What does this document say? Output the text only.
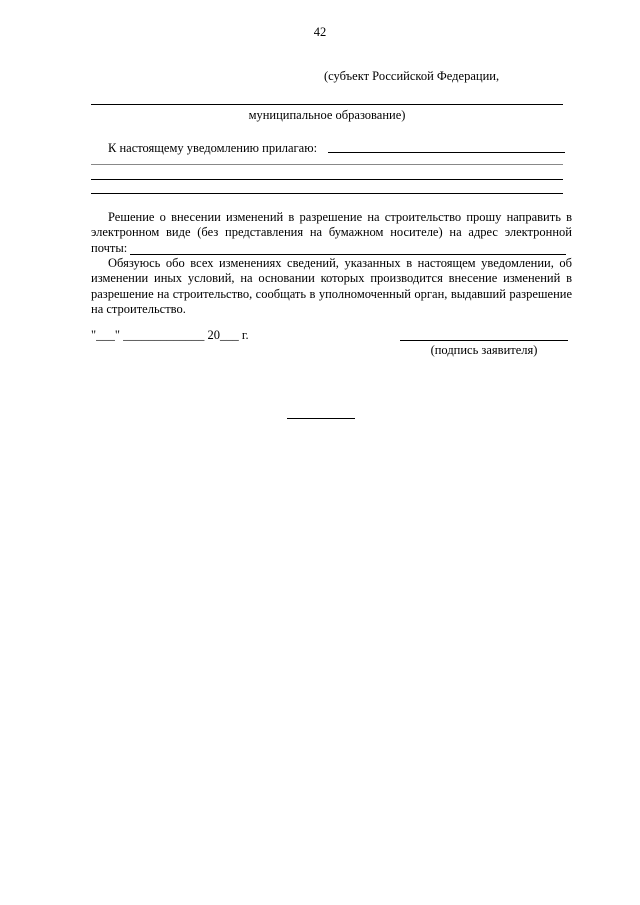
42
(субъект Российской Федерации,
муниципальное образование)
К настоящему уведомлению прилагаю:

Решение о внесении изменений в разрешение на строительство прошу направить в электронном виде (без представления на бумажном носителе) на адрес электронной почты:

Обязуюсь обо всех изменениях сведений, указанных в настоящем уведомлении, об изменении иных условий, на основании которых производится внесение изменений в разрешение на строительство, сообщать в уполномоченный орган, выдавший разрешение на строительство.

"___" _____________ 20___ г.
(подпись заявителя)
